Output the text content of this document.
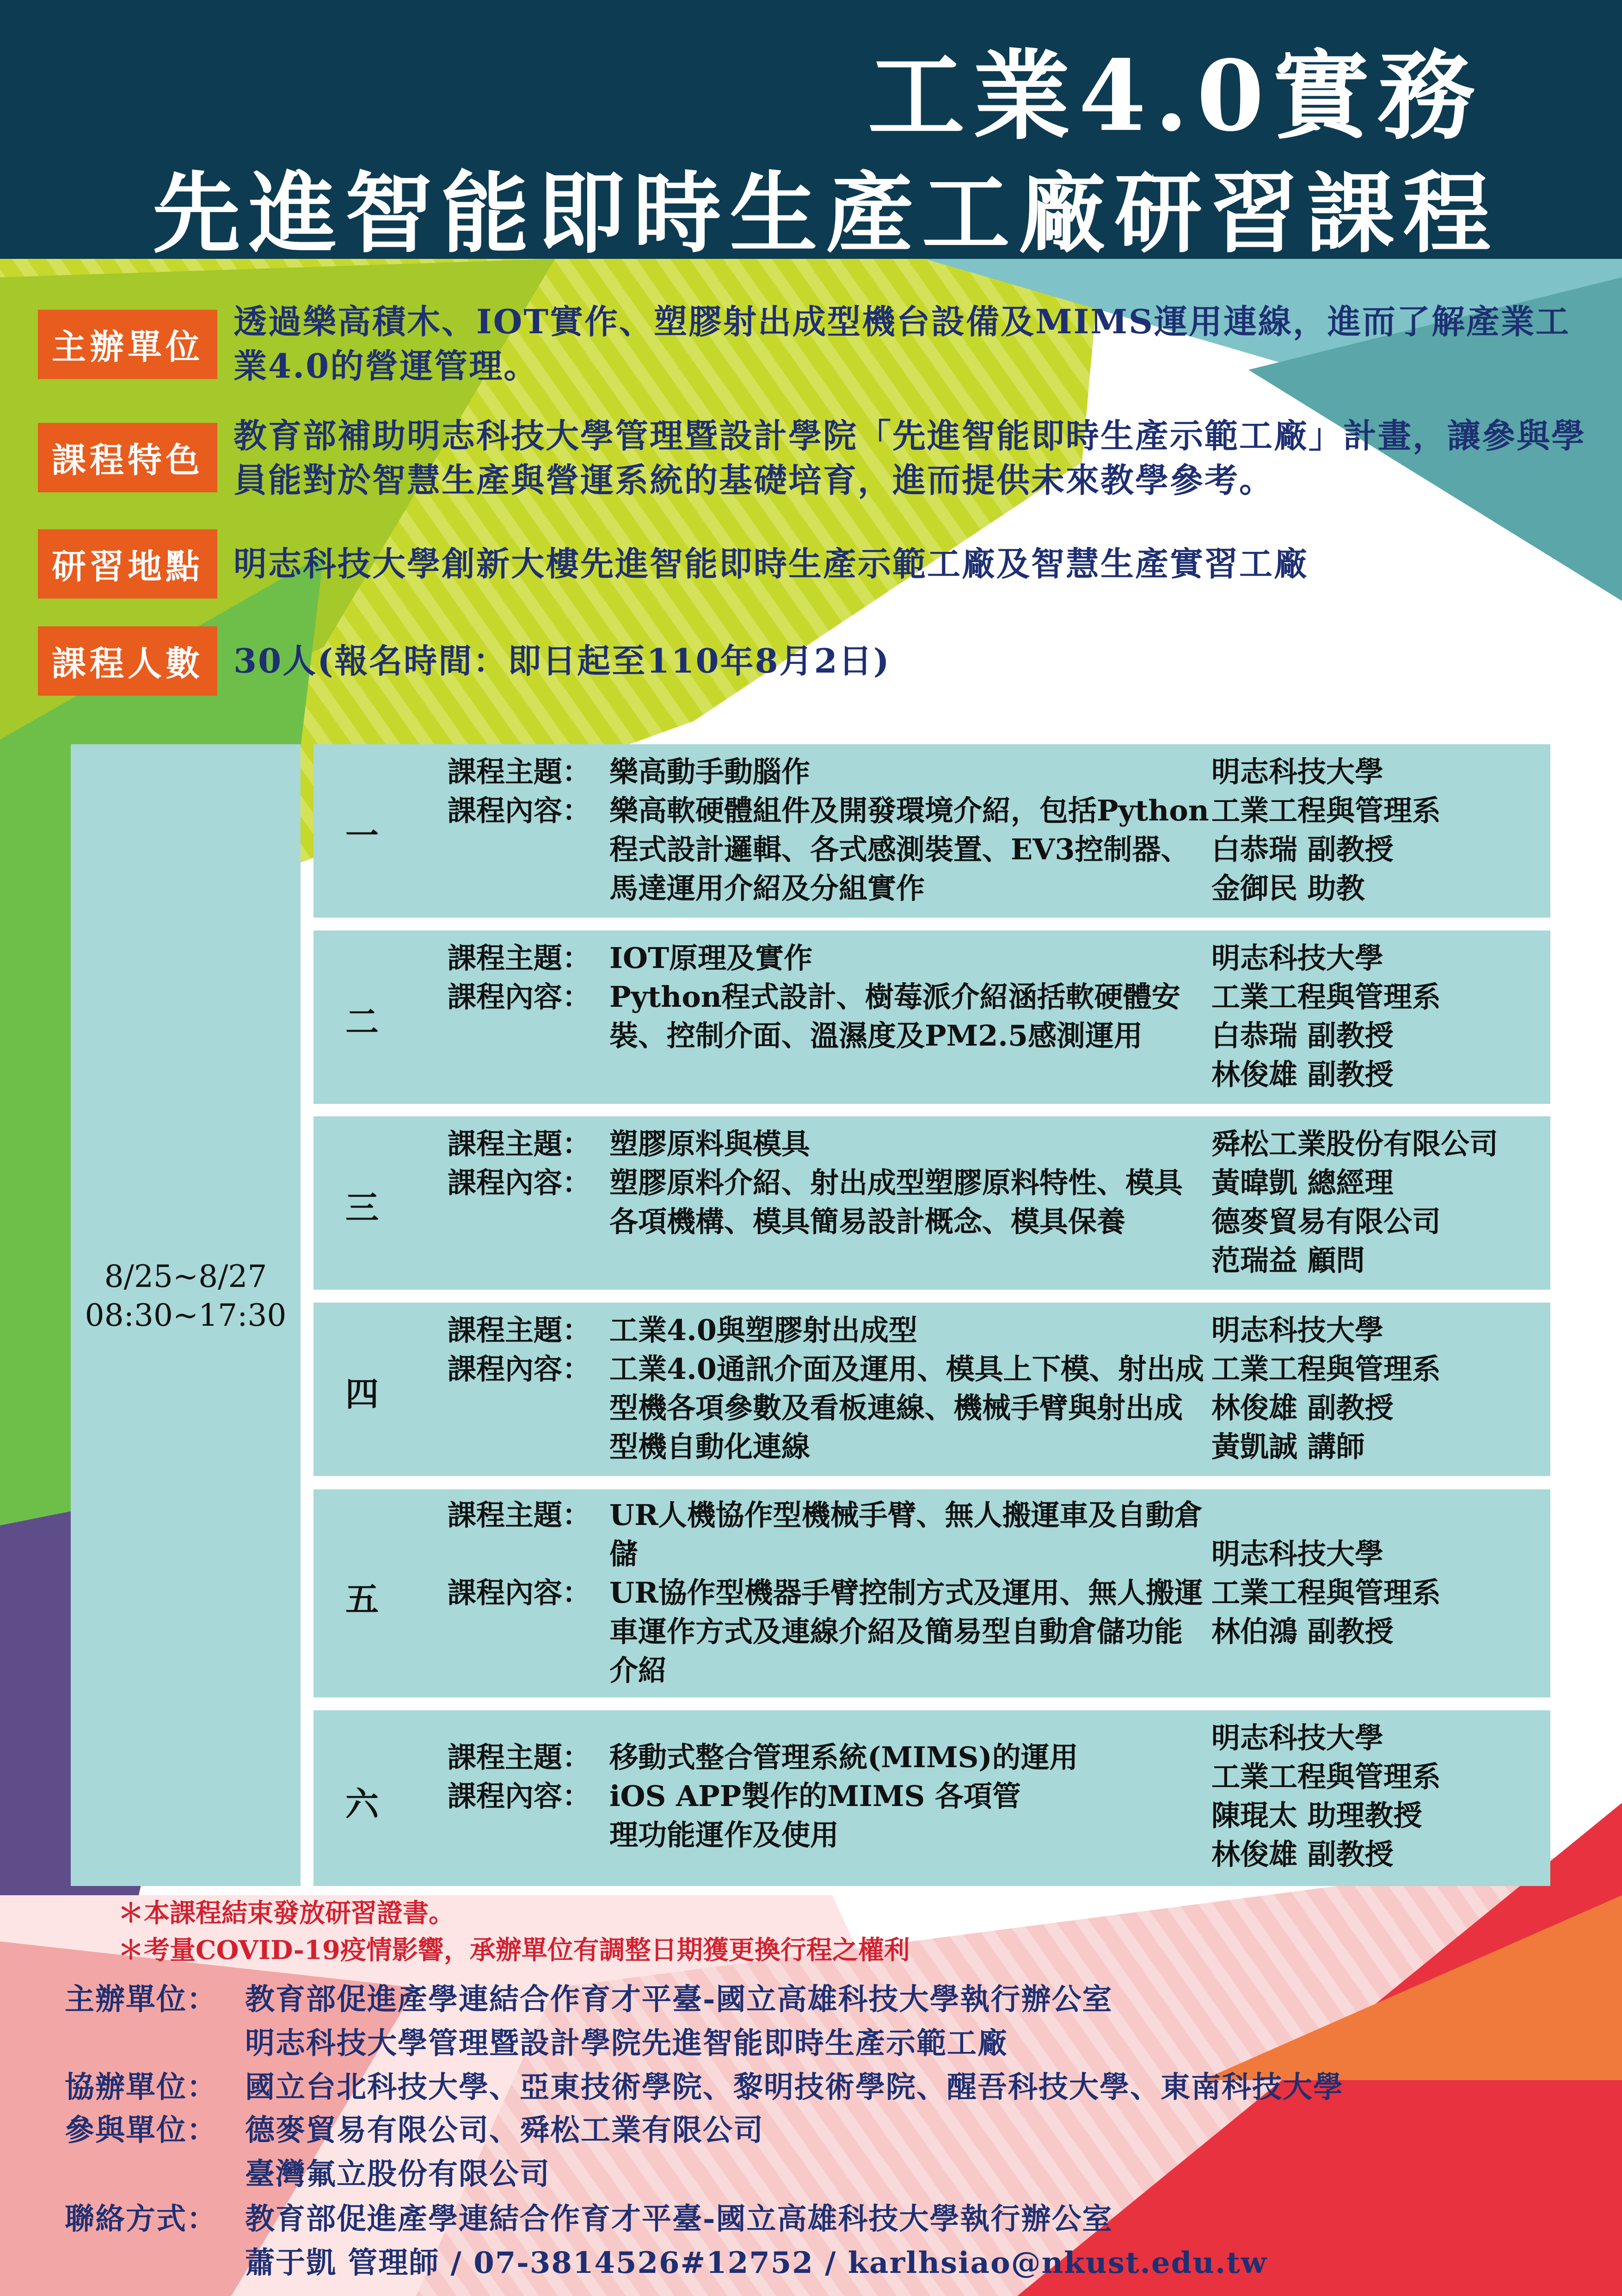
工業4.0實務
先進智能即時生產工廠研習課程
主辦單位
透過樂高積木、IOT實作、塑膠射出成型機台設備及MIMS運用連線，進而了解產業工業4.0的營運管理。
課程特色
教育部補助明志科技大學管理暨設計學院「先進智能即時生產示範工廠」計畫，讓參與學員能對於智慧生產與營運系統的基礎培育，進而提供未來教學參考。
研習地點 明志科技大學創新大樓先進智能即時生產示範工廠及智慧生產實習工廠
課程人數 30人(報名時間：即日起至110年8月2日)
8/25~8/27
08:30~17:30
一
課程主題： 樂高動手動腦作
課程內容： 樂高軟硬體組件及開發環境介紹，包括Python程式設計邏輯、各式感測裝置、EV3控制器、馬達運用介紹及分組實作
明志科技大學
工業工程與管理系
白恭瑞 副教授
金御民 助教
二
課程主題： IOT原理及實作
課程內容： Python程式設計、樹莓派介紹涵括軟硬體安裝、控制介面、溫濕度及PM2.5感測運用
明志科技大學
工業工程與管理系
白恭瑞 副教授
林俊雄 副教授
三
課程主題： 塑膠原料與模具
課程內容： 塑膠原料介紹、射出成型塑膠原料特性、模具各項機構、模具簡易設計概念、模具保養
舜松工業股份有限公司
黃暐凱 總經理
德麥貿易有限公司
范瑞益 顧問
四
課程主題： 工業4.0與塑膠射出成型
課程內容： 工業4.0通訊介面及運用、模具上下模、射出成型機各項參數及看板連線、機械手臂與射出成型機自動化連線
明志科技大學
工業工程與管理系
林俊雄 副教授
黃凱誠 講師
五
課程主題： UR人機協作型機械手臂、無人搬運車及自動倉儲
課程內容： UR協作型機器手臂控制方式及運用、無人搬運車運作方式及連線介紹及簡易型自動倉儲功能介紹
明志科技大學
工業工程與管理系
林伯鴻 副教授
六
課程主題： 移動式整合管理系統(MIMS)的運用
課程內容： iOS APP製作的MIMS 各項管理功能運作及使用
明志科技大學
工業工程與管理系
陳琨太 助理教授
林俊雄 副教授
＊本課程結束發放研習證書。
＊考量COVID-19疫情影響，承辦單位有調整日期獲更換行程之權利
主辦單位： 教育部促進產學連結合作育才平臺-國立高雄科技大學執行辦公室
明志科技大學管理暨設計學院先進智能即時生產示範工廠
協辦單位： 國立台北科技大學、亞東技術學院、黎明技術學院、醒吾科技大學、東南科技大學
參與單位： 德麥貿易有限公司、舜松工業有限公司
臺灣氟立股份有限公司
聯絡方式： 教育部促進產學連結合作育才平臺-國立高雄科技大學執行辦公室
蕭于凱 管理師 / 07-3814526#12752 / karlhsiao@nkust.edu.tw
